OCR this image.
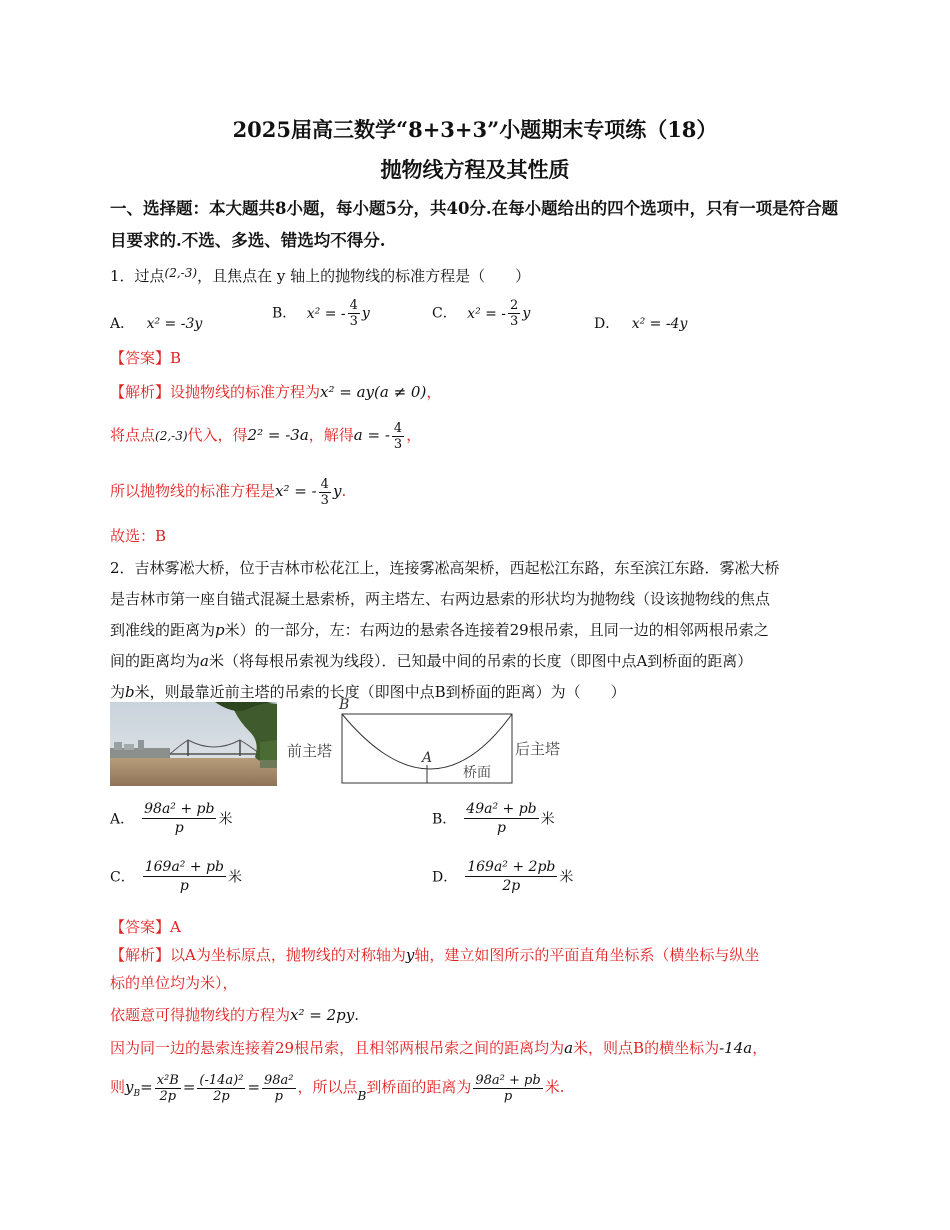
2025届高三数学“8+3+3”小题期末专项练（18）
抛物线方程及其性质
一、选择题：本大题共8小题，每小题5分，共40分.在每小题给出的四个选项中，只有一项是符合题目要求的.不选、多选、错选均不得分.
1．过点$^{(2,-3)}$，且焦点在 y 轴上的抛物线的标准方程是（　　）
A． x² = -3y
B． x² = - $\frac{4}{3}$ y	C． x² = - $\frac{2}{3}$ y
D． x² = -4y
【答案】B
【解析】设抛物线的标准方程为x² = ay(a ≠ 0)，
将点点(2,-3)代入，得2² = -3a，解得a = - $\frac{4}{3}$ ，
所以抛物线的标准方程是x² = - $\frac{4}{3} y$.
故选：B
2．吉林雾凇大桥，位于吉林市松花江上，连接雾凇高架桥，西起松江东路，东至滨江东路．雾凇大桥
是吉林市第一座自锚式混凝土悬索桥，两主塔左、右两边悬索的形状均为抛物线（设该抛物线的焦点
到准线的距离为p米）的一部分，左：右两边的悬索各连接着29根吊索，且同一边的相邻两根吊索之
间的距离均为a米（将每根吊索视为线段）．已知最中间的吊索的长度（即图中点A到桥面的距离）
为b米，则最靠近前主塔的吊索的长度（即图中点B到桥面的距离）为（　　）
B
A
前主塔	后主塔
桥面
A． $\frac{\text{98a² + pb}}{p}$ 米	B． $\frac{\text{49a² + pb}}{p}$ 米
C． $\frac{\text{169a² + pb}}{p}$ 米	D． $\frac{\text{169a² + 2pb}}{2p}$ 米
【答案】A
【解析】以A为坐标原点，抛物线的对称轴为y轴，建立如图所示的平面直角坐标系（横坐标与纵坐
标的单位均为米），
依题意可得抛物线的方程为x² = 2py.
因为同一边的悬索连接着29根吊索，且相邻两根吊索之间的距离均为a米，则点B的横坐标为-14a，
则$y_B= \frac{\text{x²B}}{2p} = \frac{\text{(-14a)²}}{2p} = \frac{\text{98a²}}{p}$ ，所以点$_B$到桥面的距离为 $\frac{\text{98a² + pb}}{p}$ 米.
